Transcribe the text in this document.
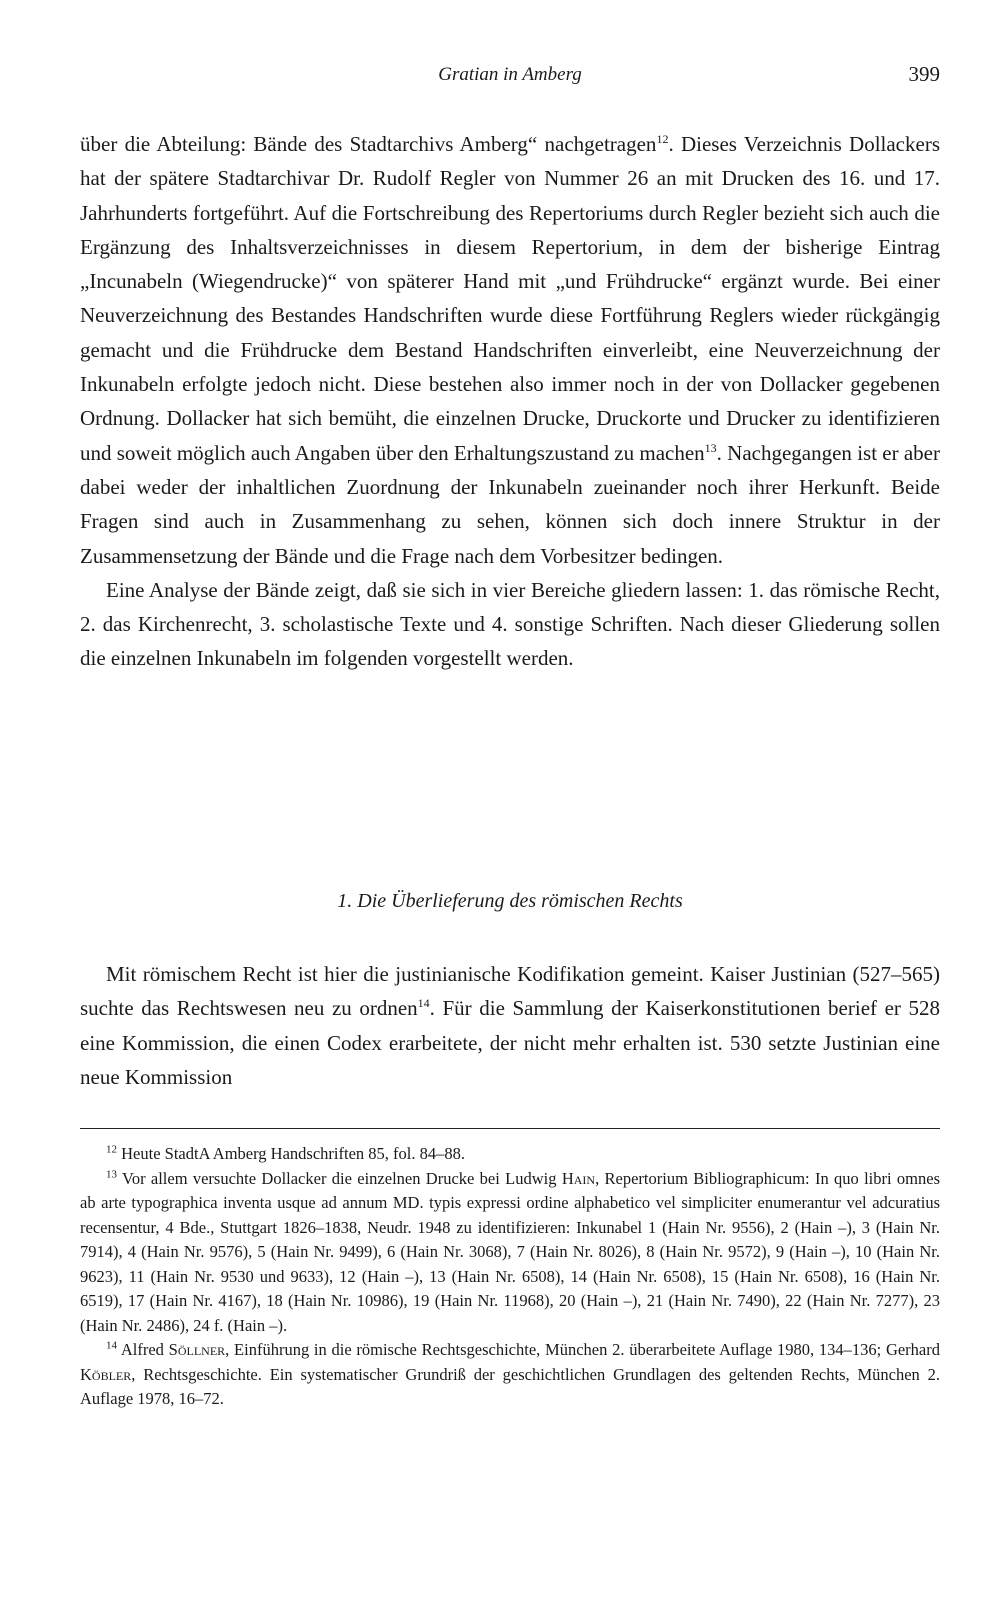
Gratian in Amberg	399

über die Abteilung: Bände des Stadtarchivs Amberg“ nachgetragen$^{12}$. Dieses Verzeichnis Dollackers hat der spätere Stadtarchivar Dr. Rudolf Regler von Nummer 26 an mit Drucken des 16. und 17. Jahrhunderts fortgeführt. Auf die Fortschreibung des Repertoriums durch Regler bezieht sich auch die Ergänzung des Inhaltsverzeichnisses in diesem Repertorium, in dem der bisherige Eintrag „Incunabeln (Wiegendrucke)“ von späterer Hand mit „und Frühdrucke“ ergänzt wurde. Bei einer Neuverzeichnung des Bestandes Handschriften wurde diese Fortführung Reglers wieder rückgängig gemacht und die Frühdrucke dem Bestand Handschriften einverleibt, eine Neuverzeichnung der Inkunabeln erfolgte jedoch nicht. Diese bestehen also immer noch in der von Dollacker gegebenen Ordnung. Dollacker hat sich bemüht, die einzelnen Drucke, Druckorte und Drucker zu identifizieren und soweit möglich auch Angaben über den Erhaltungszustand zu machen$^{13}$. Nachgegangen ist er aber dabei weder der inhaltlichen Zuordnung der Inkunabeln zueinander noch ihrer Herkunft. Beide Fragen sind auch in Zusammenhang zu sehen, können sich doch innere Struktur in der Zusammensetzung der Bände und die Frage nach dem Vorbesitzer bedingen.

Eine Analyse der Bände zeigt, daß sie sich in vier Bereiche gliedern lassen: 1. das römische Recht, 2. das Kirchenrecht, 3. scholastische Texte und 4. sonstige Schriften. Nach dieser Gliederung sollen die einzelnen Inkunabeln im folgenden vorgestellt werden.

1. Die Überlieferung des römischen Rechts

Mit römischem Recht ist hier die justinianische Kodifikation gemeint. Kaiser Justinian (527–565) suchte das Rechtswesen neu zu ordnen$^{14}$. Für die Sammlung der Kaiserkonstitutionen berief er 528 eine Kommission, die einen Codex erarbeitete, der nicht mehr erhalten ist. 530 setzte Justinian eine neue Kommission

$^{12}$ Heute StadtA Amberg Handschriften 85, fol. 84–88.

$^{13}$ Vor allem versuchte Dollacker die einzelnen Drucke bei Ludwig Hain, Repertorium Bibliographicum: In quo libri omnes ab arte typographica inventa usque ad annum MD. typis expressi ordine alphabetico vel simpliciter enumerantur vel adcuratius recensentur, 4 Bde., Stuttgart 1826–1838, Neudr. 1948 zu identifizieren: Inkunabel 1 (Hain Nr. 9556), 2 (Hain –), 3 (Hain Nr. 7914), 4 (Hain Nr. 9576), 5 (Hain Nr. 9499), 6 (Hain Nr. 3068), 7 (Hain Nr. 8026), 8 (Hain Nr. 9572), 9 (Hain –), 10 (Hain Nr. 9623), 11 (Hain Nr. 9530 und 9633), 12 (Hain –), 13 (Hain Nr. 6508), 14 (Hain Nr. 6508), 15 (Hain Nr. 6508), 16 (Hain Nr. 6519), 17 (Hain Nr. 4167), 18 (Hain Nr. 10986), 19 (Hain Nr. 11968), 20 (Hain –), 21 (Hain Nr. 7490), 22 (Hain Nr. 7277), 23 (Hain Nr. 2486), 24 f. (Hain –).

$^{14}$ Alfred Söllner, Einführung in die römische Rechtsgeschichte, München 2. überarbeitete Auflage 1980, 134–136; Gerhard Köbler, Rechtsgeschichte. Ein systematischer Grundriß der geschichtlichen Grundlagen des geltenden Rechts, München 2. Auflage 1978, 16–72.
